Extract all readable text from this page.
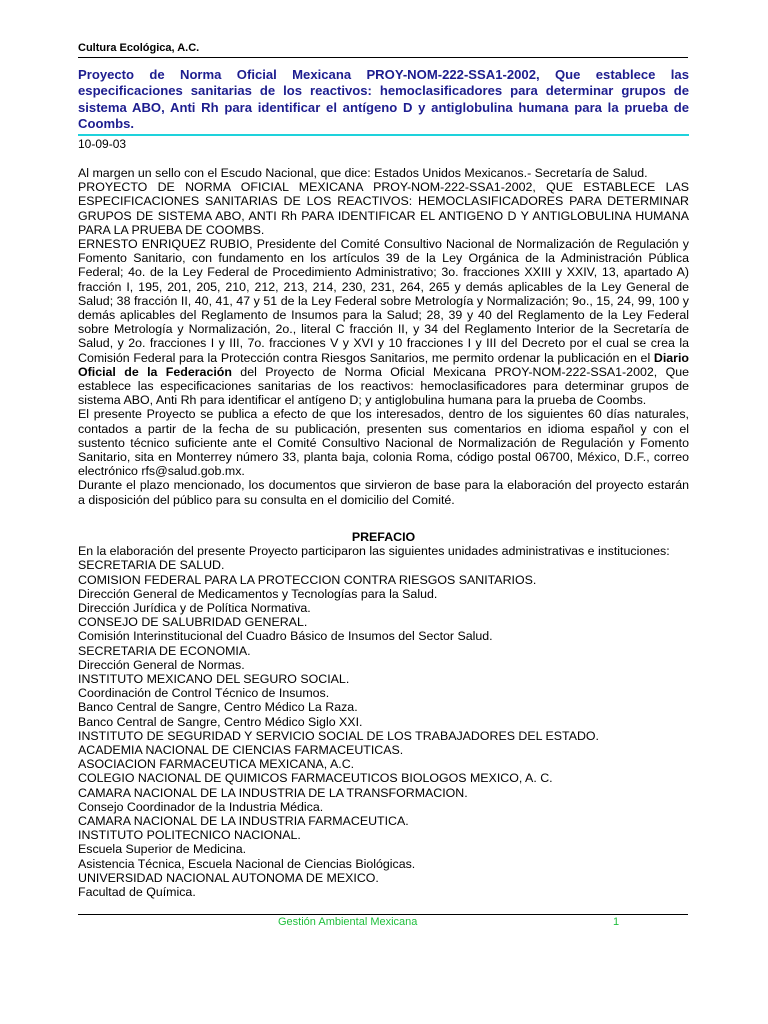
Cultura Ecológica, A.C.
Proyecto de Norma Oficial Mexicana PROY-NOM-222-SSA1-2002, Que establece las especificaciones sanitarias de los reactivos: hemoclasificadores para determinar grupos de sistema ABO, Anti Rh para identificar el antígeno D y antiglobulina humana para la prueba de Coombs.
10-09-03

Al margen un sello con el Escudo Nacional, que dice: Estados Unidos Mexicanos.- Secretaría de Salud.

PROYECTO DE NORMA OFICIAL MEXICANA PROY-NOM-222-SSA1-2002, QUE ESTABLECE LAS ESPECIFICACIONES SANITARIAS DE LOS REACTIVOS: HEMOCLASIFICADORES PARA DETERMINAR GRUPOS DE SISTEMA ABO, ANTI Rh PARA IDENTIFICAR EL ANTIGENO D Y ANTIGLOBULINA HUMANA PARA LA PRUEBA DE COOMBS.

ERNESTO ENRIQUEZ RUBIO, Presidente del Comité Consultivo Nacional de Normalización de Regulación y Fomento Sanitario, con fundamento en los artículos 39 de la Ley Orgánica de la Administración Pública Federal; 4o. de la Ley Federal de Procedimiento Administrativo; 3o. fracciones XXIII y XXIV, 13, apartado A) fracción I, 195, 201, 205, 210, 212, 213, 214, 230, 231, 264, 265 y demás aplicables de la Ley General de Salud; 38 fracción II, 40, 41, 47 y 51 de la Ley Federal sobre Metrología y Normalización; 9o., 15, 24, 99, 100 y demás aplicables del Reglamento de Insumos para la Salud; 28, 39 y 40 del Reglamento de la Ley Federal sobre Metrología y Normalización, 2o., literal C fracción II, y 34 del Reglamento Interior de la Secretaría de Salud, y 2o. fracciones I y III, 7o. fracciones V y XVI y 10 fracciones I y III del Decreto por el cual se crea la Comisión Federal para la Protección contra Riesgos Sanitarios, me permito ordenar la publicación en el Diario Oficial de la Federación del Proyecto de Norma Oficial Mexicana PROY-NOM-222-SSA1-2002, Que establece las especificaciones sanitarias de los reactivos: hemoclasificadores para determinar grupos de sistema ABO, Anti Rh para identificar el antígeno D; y antiglobulina humana para la prueba de Coombs.

El presente Proyecto se publica a efecto de que los interesados, dentro de los siguientes 60 días naturales, contados a partir de la fecha de su publicación, presenten sus comentarios en idioma español y con el sustento técnico suficiente ante el Comité Consultivo Nacional de Normalización de Regulación y Fomento Sanitario, sita en Monterrey número 33, planta baja, colonia Roma, código postal 06700, México, D.F., correo electrónico rfs@salud.gob.mx.

Durante el plazo mencionado, los documentos que sirvieron de base para la elaboración del proyecto estarán a disposición del público para su consulta en el domicilio del Comité.

PREFACIO

En la elaboración del presente Proyecto participaron las siguientes unidades administrativas e instituciones:

SECRETARIA DE SALUD.
COMISION FEDERAL PARA LA PROTECCION CONTRA RIESGOS SANITARIOS.
Dirección General de Medicamentos y Tecnologías para la Salud.
Dirección Jurídica y de Política Normativa.
CONSEJO DE SALUBRIDAD GENERAL.
Comisión Interinstitucional del Cuadro Básico de Insumos del Sector Salud.
SECRETARIA DE ECONOMIA.
Dirección General de Normas.
INSTITUTO MEXICANO DEL SEGURO SOCIAL.
Coordinación de Control Técnico de Insumos.
Banco Central de Sangre, Centro Médico La Raza.
Banco Central de Sangre, Centro Médico Siglo XXI.
INSTITUTO DE SEGURIDAD Y SERVICIO SOCIAL DE LOS TRABAJADORES DEL ESTADO.
ACADEMIA NACIONAL DE CIENCIAS FARMACEUTICAS.
ASOCIACION FARMACEUTICA MEXICANA, A.C.
COLEGIO NACIONAL DE QUIMICOS FARMACEUTICOS BIOLOGOS MEXICO, A. C.
CAMARA NACIONAL DE LA INDUSTRIA DE LA TRANSFORMACION.
Consejo Coordinador de la Industria Médica.
CAMARA NACIONAL DE LA INDUSTRIA FARMACEUTICA.
INSTITUTO POLITECNICO NACIONAL.
Escuela Superior de Medicina.
Asistencia Técnica, Escuela Nacional de Ciencias Biológicas.
UNIVERSIDAD NACIONAL AUTONOMA DE MEXICO.
Facultad de Química.
Gestión Ambiental Mexicana	1
